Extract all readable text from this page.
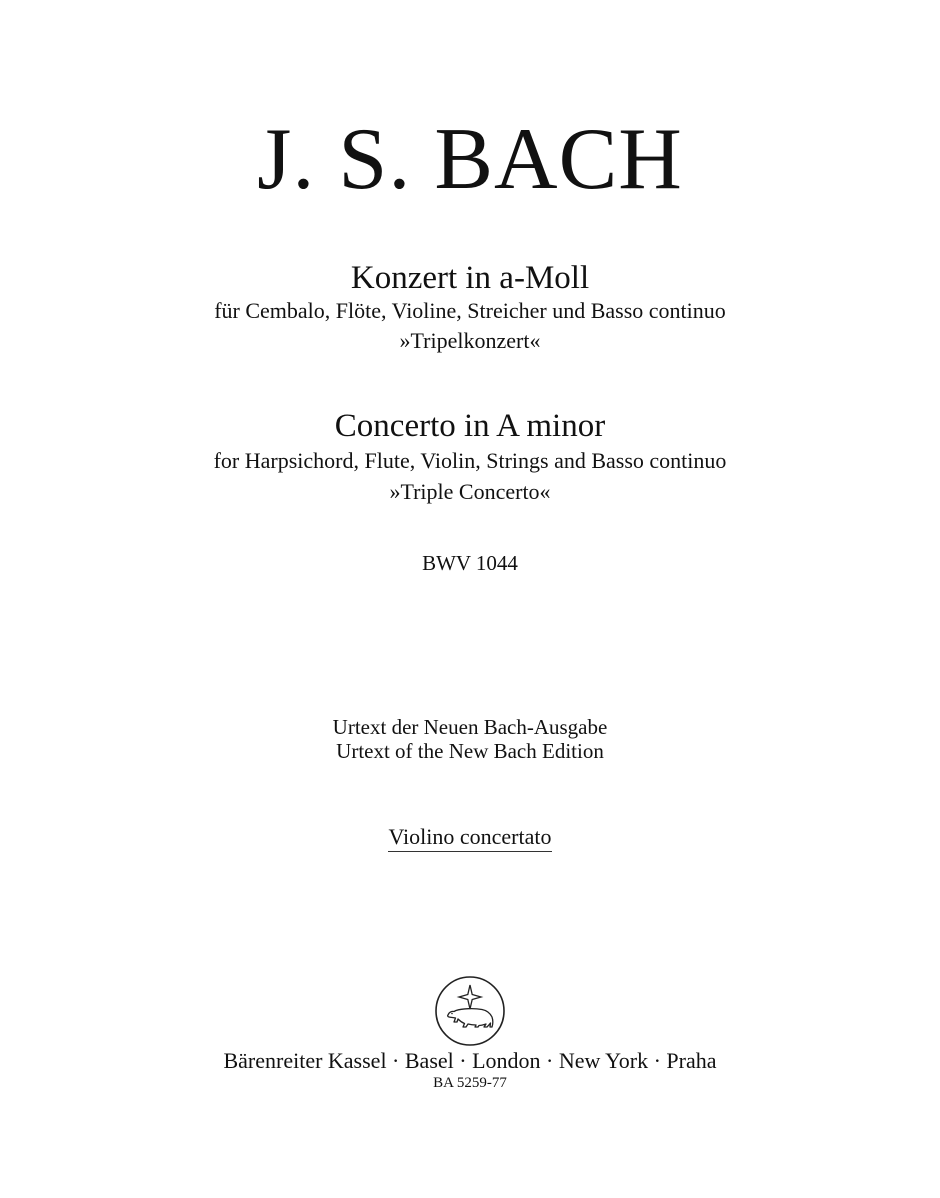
J. S. BACH
Konzert in a-Moll
für Cembalo, Flöte, Violine, Streicher und Basso continuo
»Tripelkonzert«
Concerto in A minor
for Harpsichord, Flute, Violin, Strings and Basso continuo
»Triple Concerto«
BWV 1044
Urtext der Neuen Bach-Ausgabe
Urtext of the New Bach Edition
Violino concertato
Bärenreiter Kassel · Basel · London · New York · Praha
BA 5259-77
